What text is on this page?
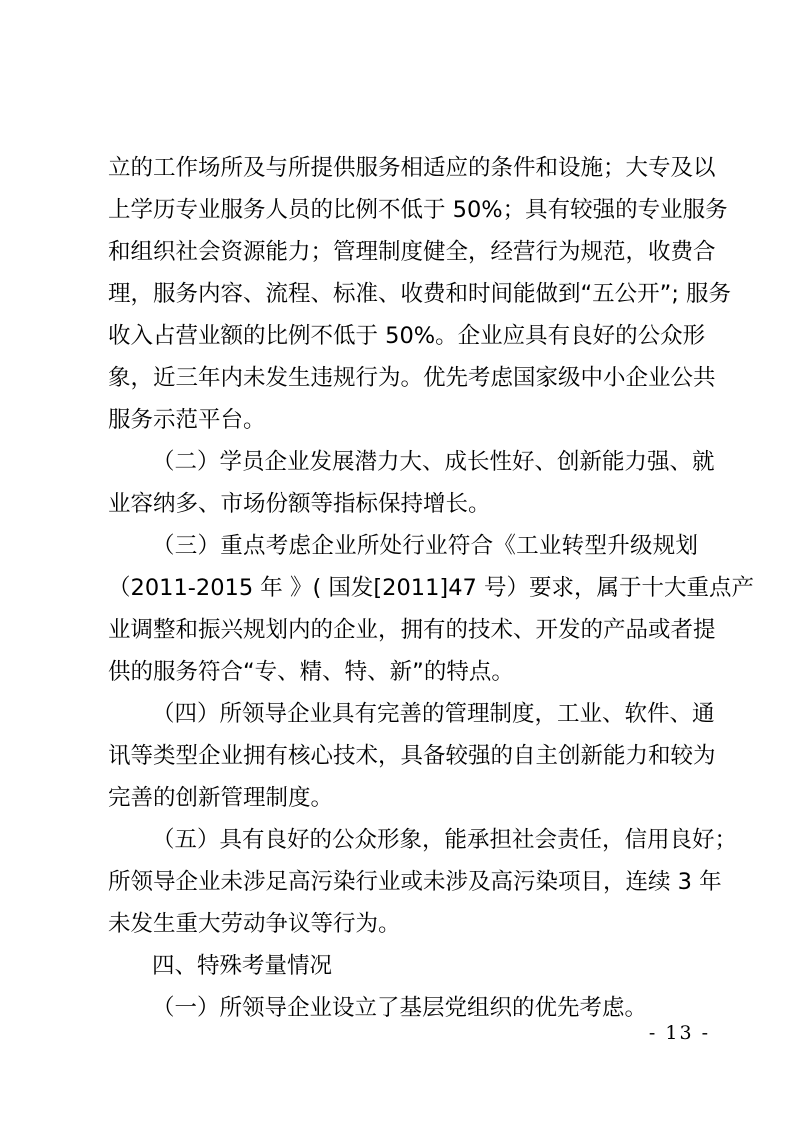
立的工作场所及与所提供服务相适应的条件和设施；大专及以
上学历专业服务人员的比例不低于 50%；具有较强的专业服务
和组织社会资源能力；管理制度健全，经营行为规范，收费合
理，服务内容、流程、标准、收费和时间能做到“五公开”; 服务
收入占营业额的比例不低于 50%。企业应具有良好的公众形
象，近三年内未发生违规行为。优先考虑国家级中小企业公共
服务示范平台。
（二）学员企业发展潜力大、成长性好、创新能力强、就
业容纳多、市场份额等指标保持增长。
（三）重点考虑企业所处行业符合《工业转型升级规划
（2011-2015 年 》( 国发[2011]47 号）要求，属于十大重点产
业调整和振兴规划内的企业，拥有的技术、开发的产品或者提
供的服务符合“专、精、特、新”的特点。
（四）所领导企业具有完善的管理制度，工业、软件、通
讯等类型企业拥有核心技术，具备较强的自主创新能力和较为
完善的创新管理制度。
（五）具有良好的公众形象，能承担社会责任，信用良好；
所领导企业未涉足高污染行业或未涉及高污染项目，连续 3 年
未发生重大劳动争议等行为。
四、特殊考量情况
（一）所领导企业设立了基层党组织的优先考虑。
- 13 -
